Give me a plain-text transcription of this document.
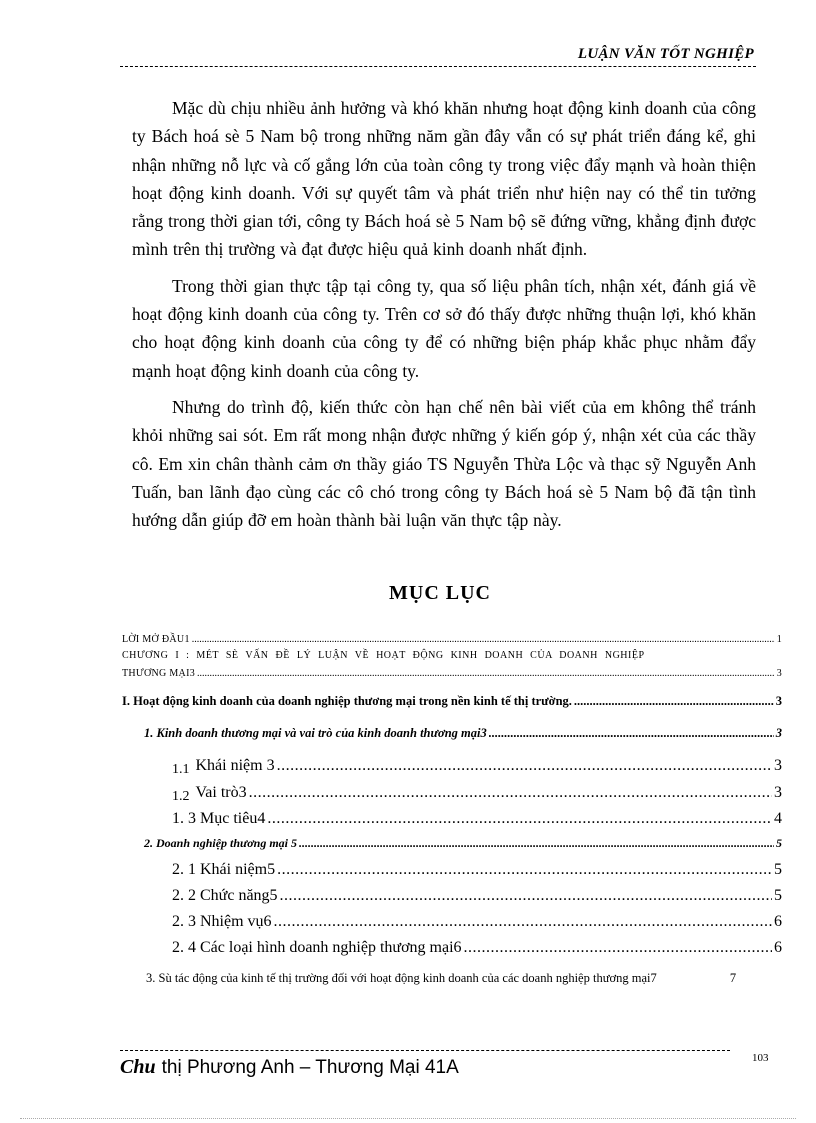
LUẬN VĂN TỐT NGHIỆP

Mặc dù chịu nhiều ảnh hưởng và khó khăn nhưng hoạt động kinh doanh của công ty Bách hoá sè 5 Nam bộ trong những năm gần đây vẫn có sự phát triển đáng kể, ghi nhận những nỗ lực và cố gắng lớn của toàn công ty trong việc đẩy mạnh và hoàn thiện hoạt động kinh doanh. Với sự quyết tâm và phát triển như hiện nay có thể tin tưởng rằng trong thời gian tới, công ty Bách hoá sè 5 Nam bộ sẽ đứng vững, khẳng định được mình trên thị trường và đạt được hiệu quả kinh doanh nhất định.

Trong thời gian thực tập tại công ty, qua số liệu phân tích, nhận xét, đánh giá về hoạt động kinh doanh của công ty. Trên cơ sở đó thấy được những thuận lợi, khó khăn cho hoạt động kinh doanh của công ty để có những biện pháp khắc phục nhằm đẩy mạnh hoạt động kinh doanh của công ty.

Nhưng do trình độ, kiến thức còn hạn chế nên bài viết của em không thể tránh khỏi những sai sót. Em rất mong nhận được những ý kiến góp ý, nhận xét của các thầy cô. Em xin chân thành cảm ơn thầy giáo TS Nguyễn Thừa Lộc và thạc sỹ Nguyễn Anh Tuấn, ban lãnh đạo cùng các cô chó trong công ty Bách hoá sè 5 Nam bộ đã tận tình hướng dẫn giúp đỡ em hoàn thành bài luận văn thực tập này.

MỤC LỤC
LỜI MỞ ĐẦU1 .....	1
CHƯƠNG I : MÉT SÈ VẤN ĐỀ LÝ LUẬN VỀ HOẠT ĐỘNG KINH DOANH CỦA DOANH NGHIỆP
THƯƠNG MẠI3 .....	3
I. Hoạt động kinh doanh của doanh nghiệp thương mại trong nền kinh tế thị trường. .....	3
1. Kinh doanh thương mại và vai trò của kinh doanh thương mại3 .....	3
1.1 Khái niệm 3 .....	3
1.2 Vai trò3 .....	3
1. 3 Mục tiêu4 .....	4
2. Doanh nghiệp thương mại 5 .....	5
2. 1 Khái niệm5 .....	5
2. 2 Chức năng5 .....	5
2. 3 Nhiệm vụ6 .....	6
2. 4 Các loại hình doanh nghiệp thương mại6 .....	6
3. Sù tác động của kinh tế thị trường đối với hoạt động kinh doanh của các doanh nghiệp thương mại7	7
Chu thị Phương Anh – Thương Mại 41A	103
